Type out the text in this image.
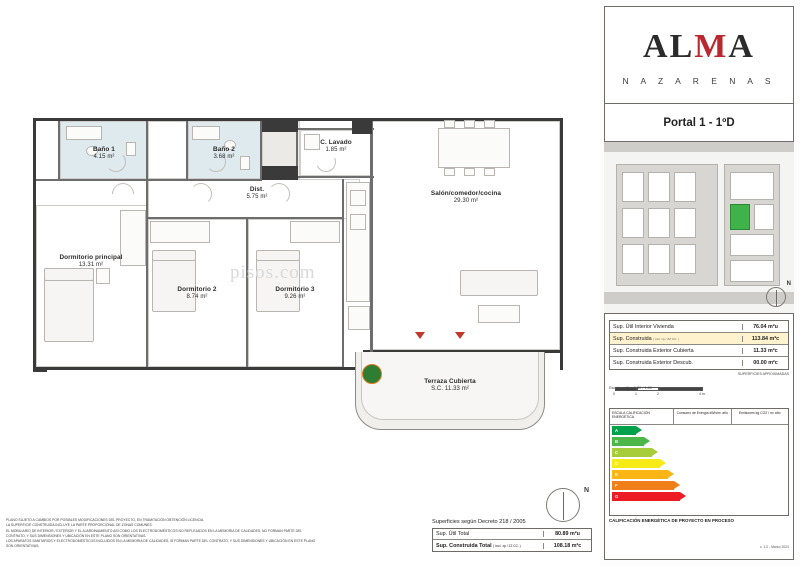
pisos.com
Baño 1
4.15 m²
Baño 2
3.68 m²
C. Lavado
1.85 m²
Dist.
5.75 m²	Salón/comedor/cocina
29.30 m²
Dormitorio principal
13.31 m²
Dormitorio 2
8.74 m²
Dormitorio 3
9.26 m²
Terraza Cubierta
S.C. 11.33 m²
N
PLANO SUJETO A CAMBIOS POR POSIBLES MODIFICACIONES DEL PROYECTO, EN TRAMITACIÓN OBTENCIÓN LICENCIA.
LA SUPERFICIE CONSTRUIDA INCLUYE LA PARTE PROPORCIONAL DE ZONAS COMUNES.
EL MOBILIARIO DE INTERIOR / EXTERIOR Y EL AJARDINAMIENTO ASÍ COMO LOS ELECTRODOMÉSTICOS NO REFLEJADOS EN LA MEMORIA DE CALIDADES, NO FORMAN PARTE DEL
CONTRATO, Y SUS DIMENSIONES Y UBICACIÓN EN ESTE PLANO SON ORIENTATIVAS.
LOS APARATOS SANITARIOS Y ELECTRODOMÉSTICOS INCLUIDOS EN LA MEMORIA DE CALIDADES, SÍ FORMAN PARTE DEL CONTRATO, Y SUS DIMENSIONES Y UBICACIÓN EN ESTE PLANO
SON ORIENTATIVAS.
Superficies según Decreto 218 / 2005
Sup. Útil Total	80.89 m²u
Sup. Construida Total ( incl. zp / ZZ CC. )	108.18 m²c
ALMA
N A Z A R E N A S
Portal 1 - 1ºD
N
Sup. Útil Interior Vivienda	76.04 m²u
Sup. Construida ( incl. zp / ZZ CC. )	113.84 m²c
Sup. Construida Exterior Cubierta	11.33 m²c
Sup. Construida Exterior Descub.	00.00 m²c
SUPERFICIES APROXIMADAS
0	1	2	4 m.
Escala gráfica 1:50 / 1:80
ESCALA CALIFICACIÓN ENERGÉTICA
Consumo de Energía kWh/m² año	Emisiones kg CO2 / m² año
A
B
C
D
E
F
G
CALIFICACIÓN ENERGÉTICA DE PROYECTO EN PROCESO
v. 1.0 - Marzo 2024
